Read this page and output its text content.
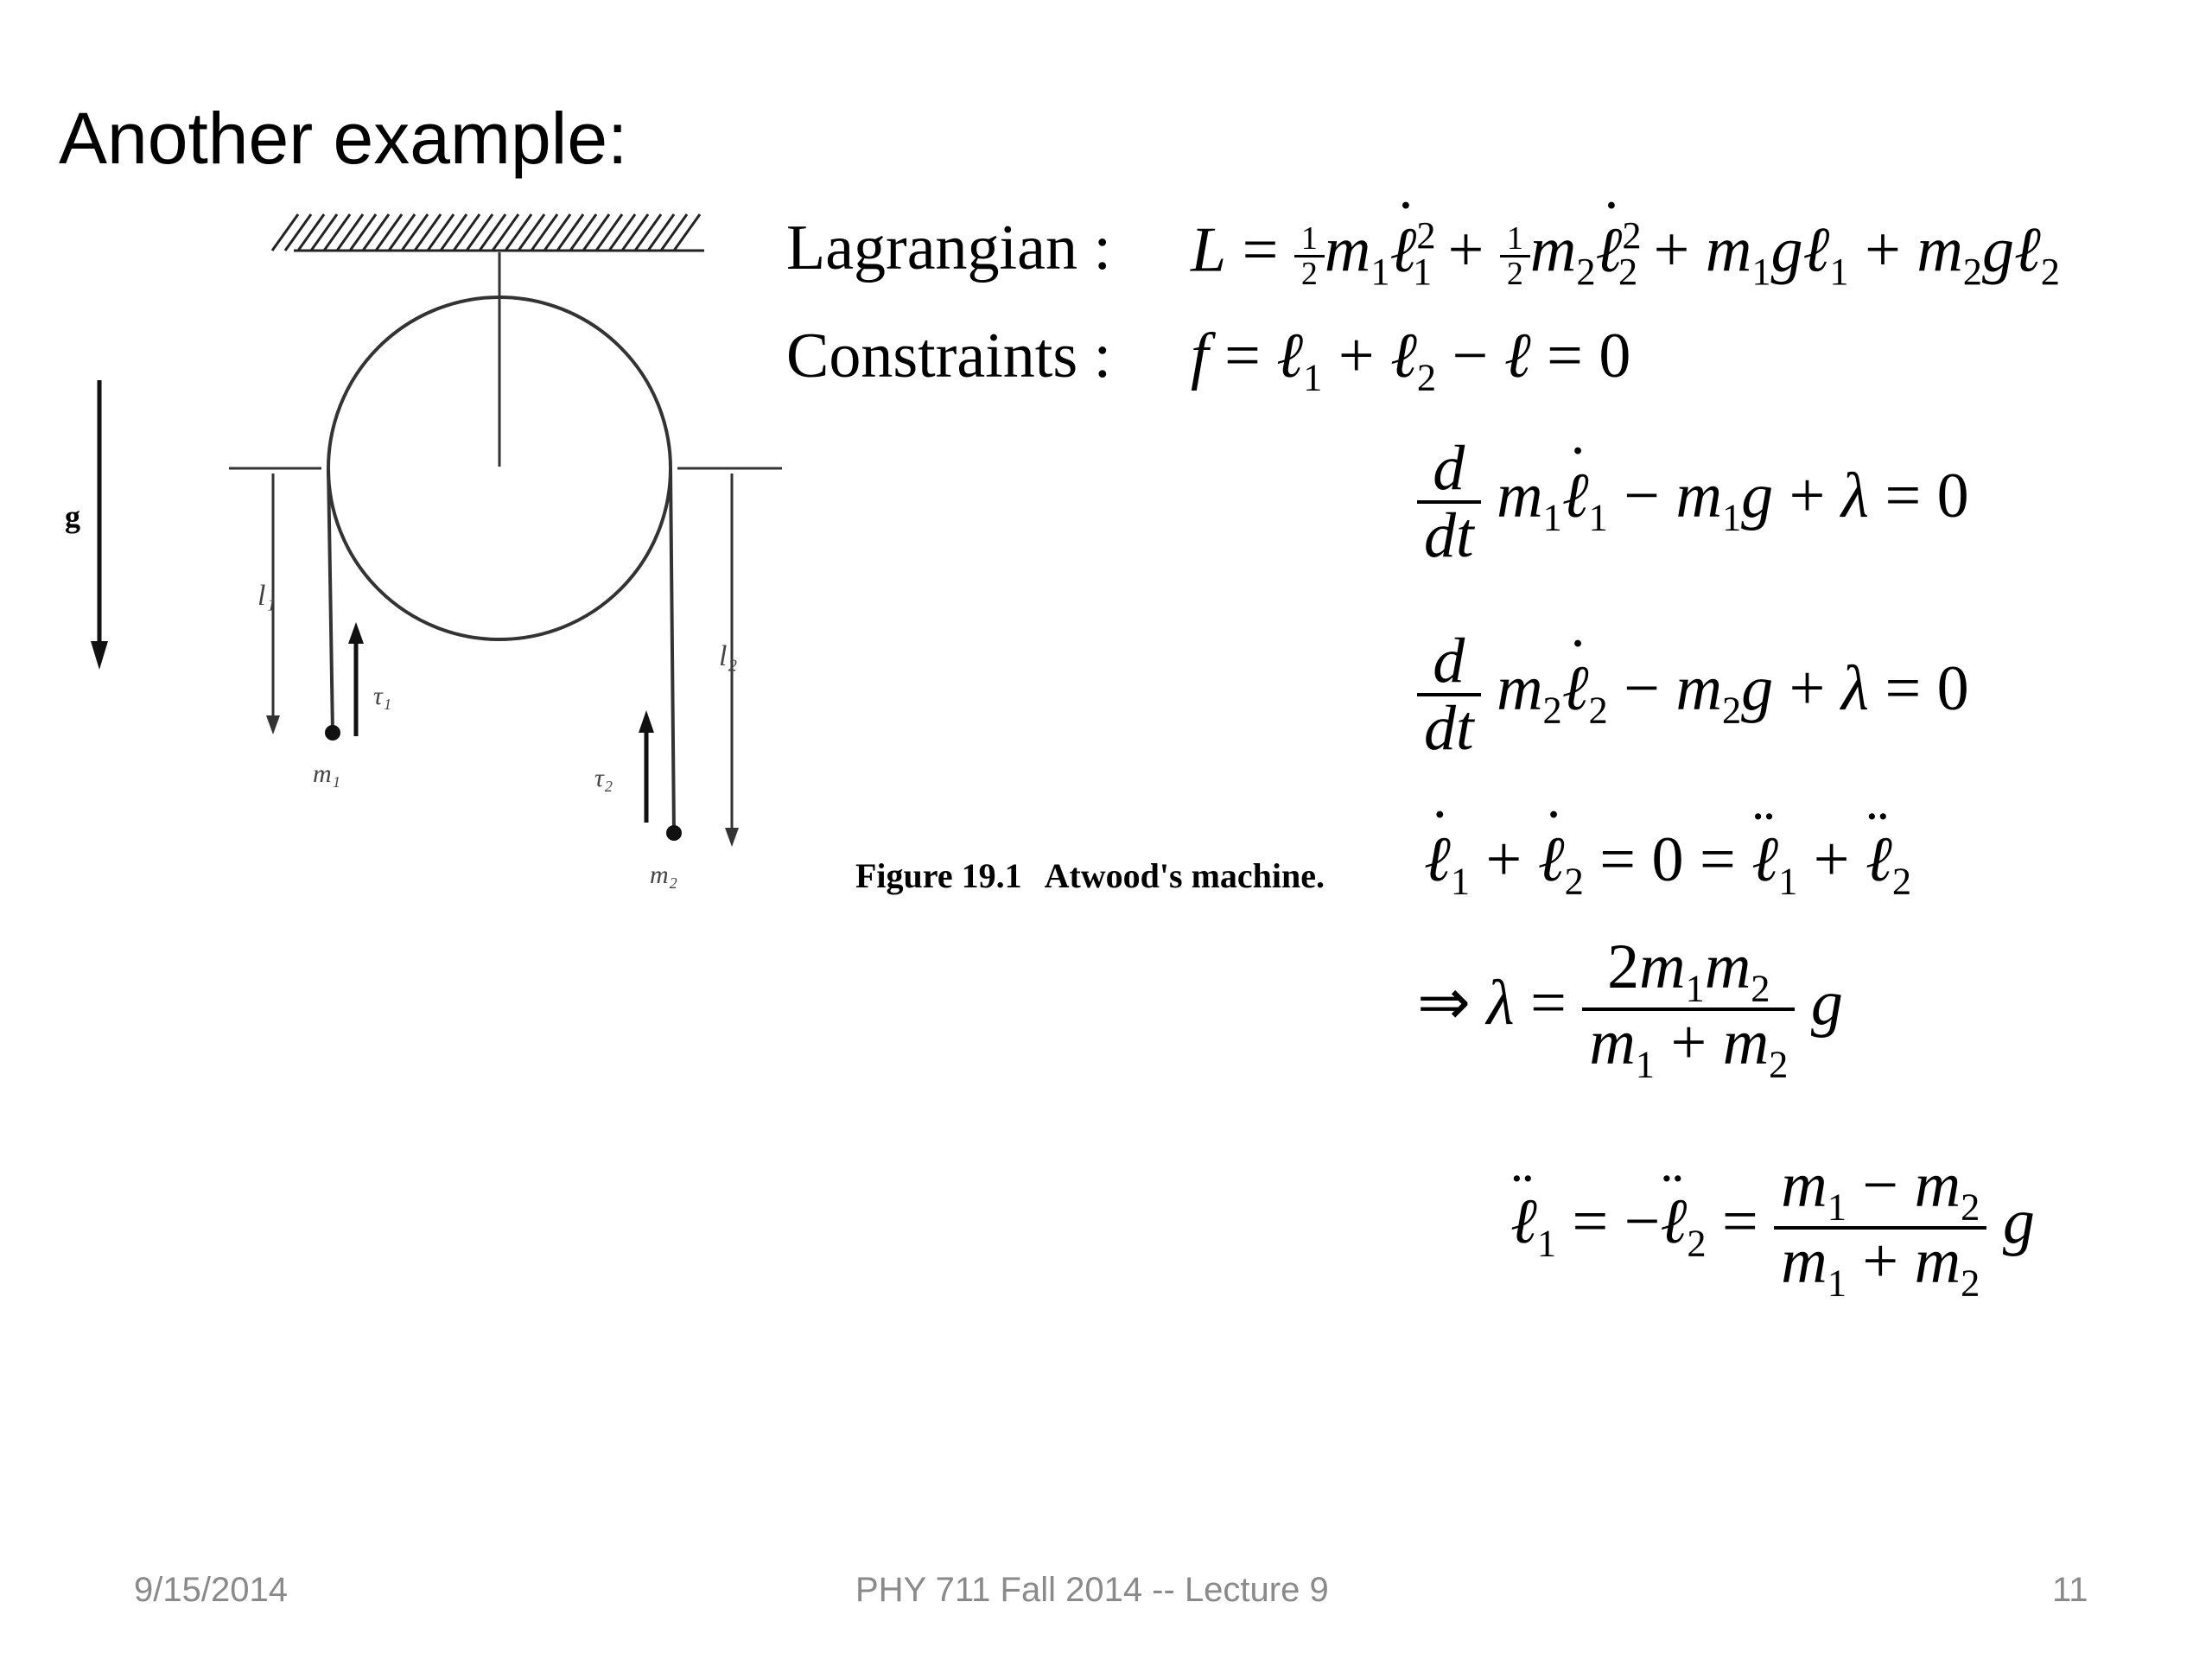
Another example:
g
l₁
l₂
τ₁
τ₂
m₁
m₂	Figure 19.1 Atwood's machine.
Lagrangian : $L = \frac{1}{2}$ $m_1˙$ ℓ$^2_1$ + $\frac{1}{2}$ $m_2˙$ ℓ$^2_2$ + $m_1g\ell_1$ + $m_2g\ell_2$
Constraints : f = ℓ$_1$ + ℓ$_2$ − ℓ = 0
$\frac{d}{dt}$ $m_1˙$ ℓ$_1$ − $m_1g + \lambda = 0$
$\frac{d}{dt}$ $m_2˙$ ℓ$_2$ − $m_2g + \lambda = 0$
˙ ℓ$_1$ + ˙ ℓ$_2$ = 0 = ¨ ℓ$_1$ + ¨ ℓ$_2$
⇒ $\lambda = \frac{2m_1m_2}{m_1 + m_2}$ g
¨ ℓ$_1$ = −¨ ℓ$_2$ = $\frac{m_1 - m_2}{m_1 + m_2}$ g
9/15/2014	PHY 711 Fall 2014 -- Lecture 9	11
